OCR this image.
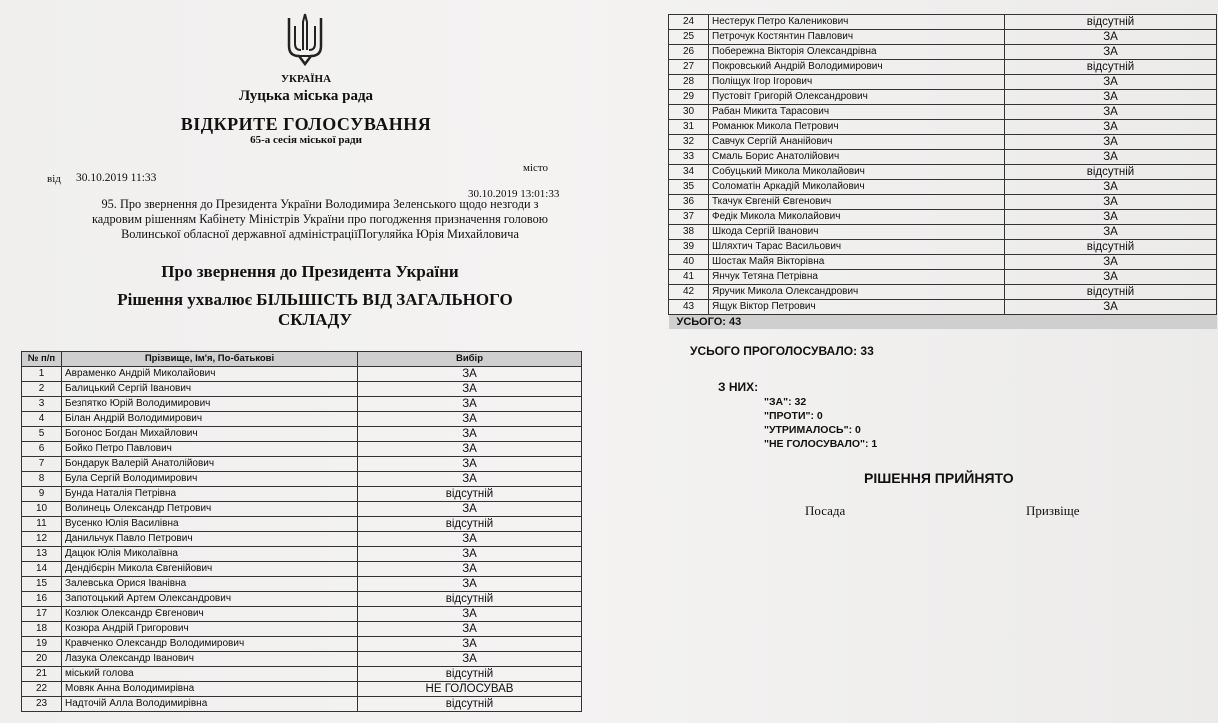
УКРАЇНА
Луцька міська рада
ВІДКРИТЕ ГОЛОСУВАННЯ
65-а сесія міської ради
місто
від 30.10.2019 11:33
30.10.2019 13:01:33
95. Про звернення до Президента України Володимира Зеленського щодо незгоди з кадровим рішенням Кабінету Міністрів України про погодження призначення головою Волинської обласної державної адміністраціїПогуляйка Юрія Михайловича
Про звернення до Президента України
Рішення ухвалює БІЛЬШІСТЬ ВІД ЗАГАЛЬНОГО СКЛАДУ
№ п/п	Прізвище, Ім'я, По-батькові	Вибір
1	Авраменко Андрій Миколайович	ЗА
2	Балицький Сергій Іванович	ЗА
3	Безпятко Юрій Володимирович	ЗА
4	Білан Андрій Володимирович	ЗА
5	Богонос Богдан Михайлович	ЗА
6	Бойко Петро Павлович	ЗА
7	Бондарук Валерій Анатолійович	ЗА
8	Була Сергій Володимирович	ЗА
9	Бунда Наталія Петрівна	відсутній
10	Волинець Олександр Петрович	ЗА
11	Вусенко Юлія Василівна	відсутній
12	Данильчук Павло Петрович	ЗА
13	Дацюк Юлія Миколаївна	ЗА
14	Дендібєрін Микола Євгенійович	ЗА
15	Залевська Орися Іванівна	ЗА
16	Запотоцький Артем Олександрович	відсутній
17	Козлюк Олександр Євгенович	ЗА
18	Козюра Андрій Григорович	ЗА
19	Кравченко Олександр Володимирович	ЗА
20	Лазука Олександр Іванович	ЗА
21	міський голова	відсутній
22	Мовяк Анна Володимирівна	НЕ ГОЛОСУВАВ
23	Надточій Алла Володимирівна	відсутній
24	Нестерук Петро Каленикович	відсутній
25	Петрочук Костянтин Павлович	ЗА
26	Побережна Вікторія Олександрівна	ЗА
27	Покровський Андрій Володимирович	відсутній
28	Поліщук Ігор Ігорович	ЗА
29	Пустовіт Григорій Олександрович	ЗА
30	Рабан Микита Тарасович	ЗА
31	Романюк Микола Петрович	ЗА
32	Савчук Сергій Ананійович	ЗА
33	Смаль Борис Анатолійович	ЗА
34	Собуцький Микола Миколайович	відсутній
35	Соломатін Аркадій Миколайович	ЗА
36	Ткачук Євгеній Євгенович	ЗА
37	Федік Микола Миколайович	ЗА
38	Шкода Сергій Іванович	ЗА
39	Шляхтич Тарас Васильович	відсутній
40	Шостак Майя Вікторівна	ЗА
41	Янчук Тетяна Петрівна	ЗА
42	Яручик Микола Олександрович	відсутній
43	Ящук Віктор Петрович	ЗА
УСЬОГО: 43		
УСЬОГО ПРОГОЛОСУВАЛО: 33
З НИХ:
"ЗА": 32
"ПРОТИ": 0
"УТРИМАЛОСЬ": 0
"НЕ ГОЛОСУВАЛО": 1
РІШЕННЯ ПРИЙНЯТО
Посада	Призвіще
